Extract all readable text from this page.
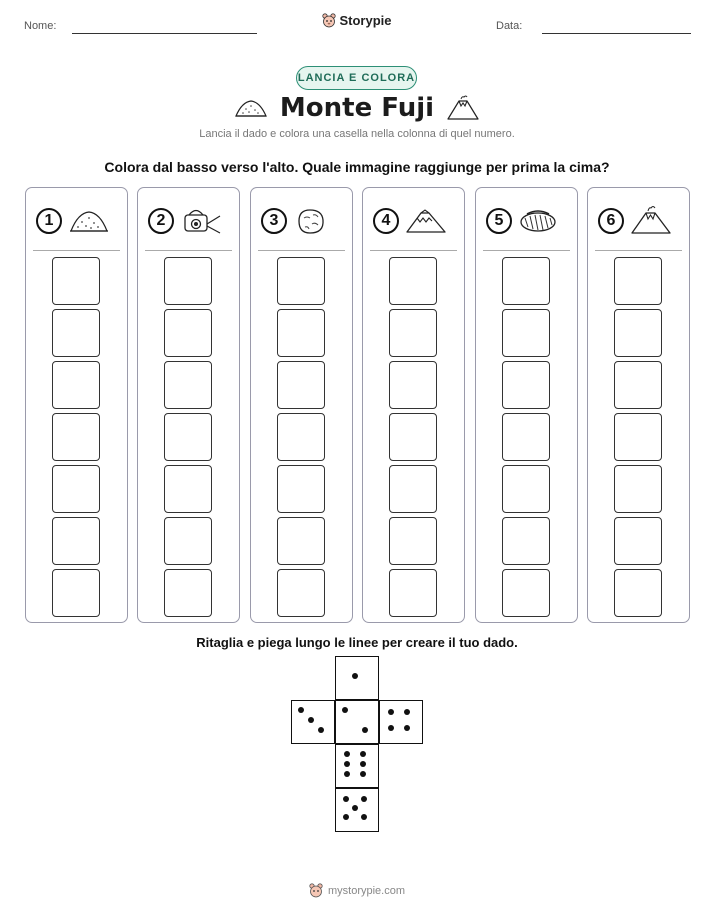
Nome:	Storypie	Data:
LANCIA E COLORA
Monte Fuji
Lancia il dado e colora una casella nella colonna di quel numero.
Colora dal basso verso l'alto. Quale immagine raggiunge per prima la cima?
1	2	3	4	5	6
Ritaglia e piega lungo le linee per creare il tuo dado.
mystorypie.com
